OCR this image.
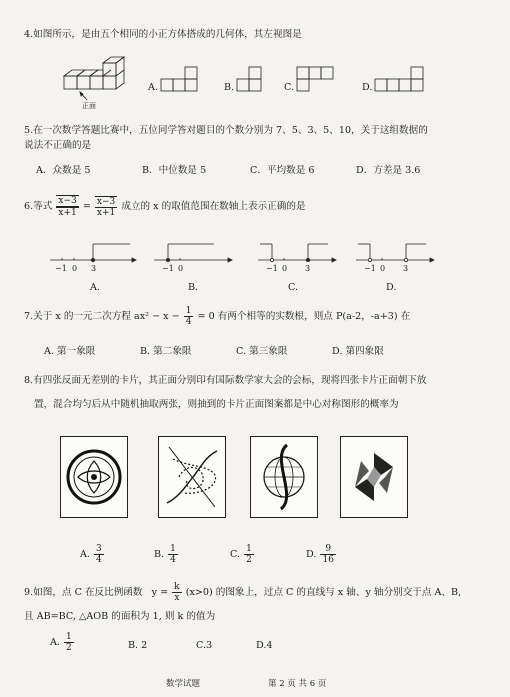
4.如图所示，是由五个相同的小正方体搭成的几何体，其左视图是
正面
A.	B.	C.	D.
5.在一次数学答题比赛中，五位同学答对题目的个数分别为 7、5、3、5、10，关于这组数据的
说法不正确的是
A．众数是 5	B．中位数是 5	C．平均数是 6	D．方差是 3.6
6.等式 $\frac{x-3}{x+1} = \frac{x-3}{x+1}$ 成立的 x 的取值范围在数轴上表示正确的是
−1 0 3
A.
−1 0
B.
−1 0 3
C.
−1 0 3
D.
7.关于 x 的一元二次方程 $ax^2 - x - \frac{1}{4} = 0$ 有两个相等的实数根，则点 P(a-2，-a+3) 在
A. 第一象限	B. 第二象限	C. 第三象限	D. 第四象限
8.有四张反面无差别的卡片，其正面分别印有国际数学家大会的会标，现将四张卡片正面朝下放
置，混合均匀后从中随机抽取两张，则抽到的卡片正面图案都是中心对称图形的概率为
A. $\frac{3}{4}$	B. $\frac{1}{4}$	C. $\frac{1}{2}$	D. $\frac{9}{16}$
9.如图，点 C 在反比例函数 $y = \frac{k}{x} (x>0)$ 的图象上，过点 C 的直线与 x 轴、y 轴分别交于点 A、B,
且 AB=BC, △AOB 的面积为 1, 则 k 的值为
A. $\frac{1}{2}$	B. 2	C.3	D.4
数学试题	第 2 页 共 6 页
